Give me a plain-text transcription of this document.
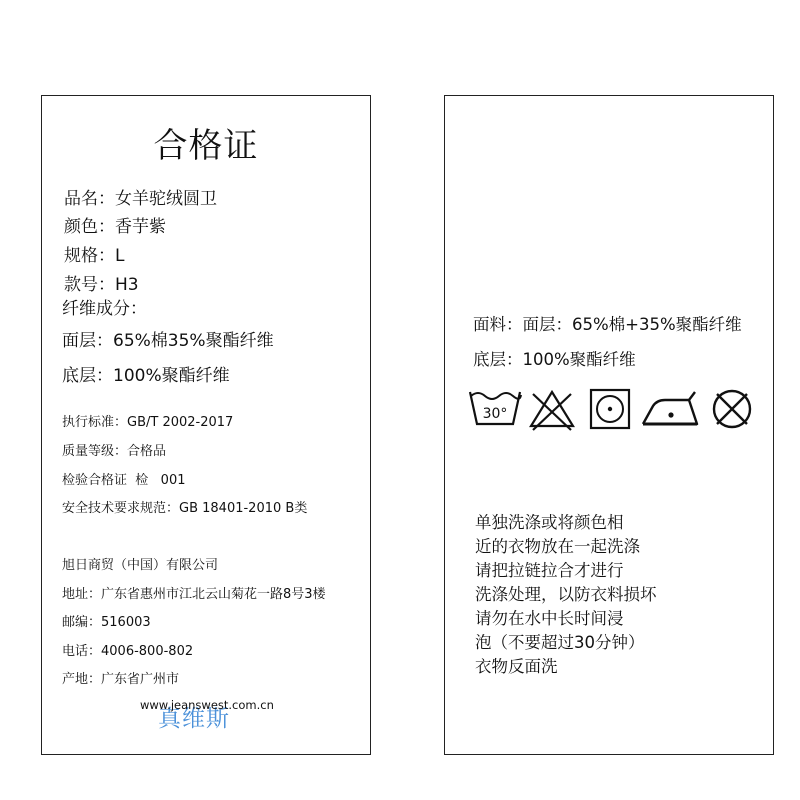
合格证
品名：女羊驼绒圆卫
颜色：香芋紫
规格：L
款号：H3
纤维成分：
面层：65%棉35%聚酯纤维
底层：100%聚酯纤维
执行标准：GB/T 2002-2017
质量等级：合格品
检验合格证 检   001
安全技术要求规范：GB 18401-2010 B类
旭日商贸（中国）有限公司
地址：广东省惠州市江北云山菊花一路8号3楼
邮编：516003
电话：4006-800-802
产地：广东省广州市
真维斯
www.jeanswest.com.cn
面料：面层：65%棉+35%聚酯纤维
底层：100%聚酯纤维
30°
单独洗涤或将颜色相
近的衣物放在一起洗涤
请把拉链拉合才进行
洗涤处理，以防衣料损坏
请勿在水中长时间浸
泡（不要超过30分钟）
衣物反面洗
